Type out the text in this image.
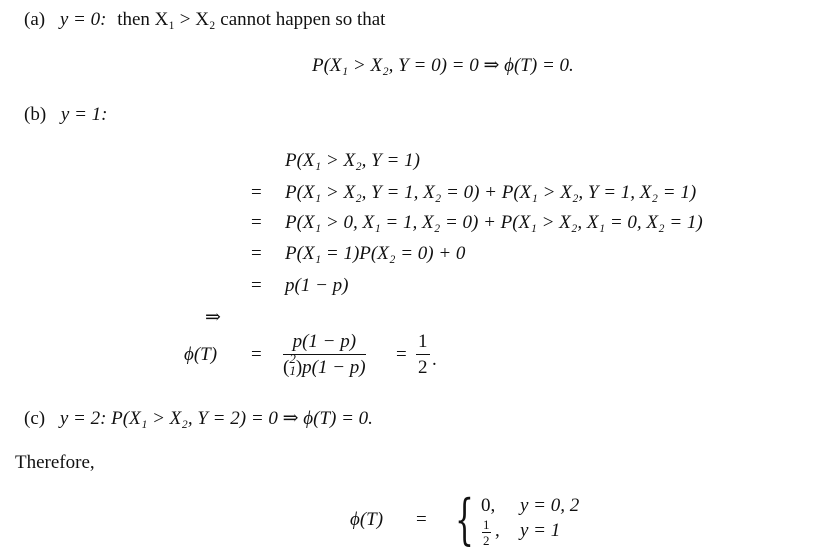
(a) y = 0: then X₁ > X₂ cannot happen so that
P(X₁ > X₂, Y = 0) = 0 ⇒ ϕ(T) = 0.
(b) y = 1:
P(X₁ > X₂, Y = 1)
= P(X₁ > X₂, Y = 1, X₂ = 0) + P(X₁ > X₂, Y = 1, X₂ = 1)
= P(X₁ > 0, X₁ = 1, X₂ = 0) + P(X₁ > X₂, X₁ = 0, X₂ = 1)
= P(X₁ = 1)P(X₂ = 0) + 0
= p(1 − p)
⇒
ϕ(T) = p(1 − p)
( 2
1 )$p(1 - p) = \frac{1}{2}$ .
(c) y = 2: P(X₁ > X₂, Y = 2) = 0 ⇒ ϕ(T) = 0.
Therefore,
ϕ(T) = { 0, y = 0, 2
$\frac{1}{2}$ , y = 1
